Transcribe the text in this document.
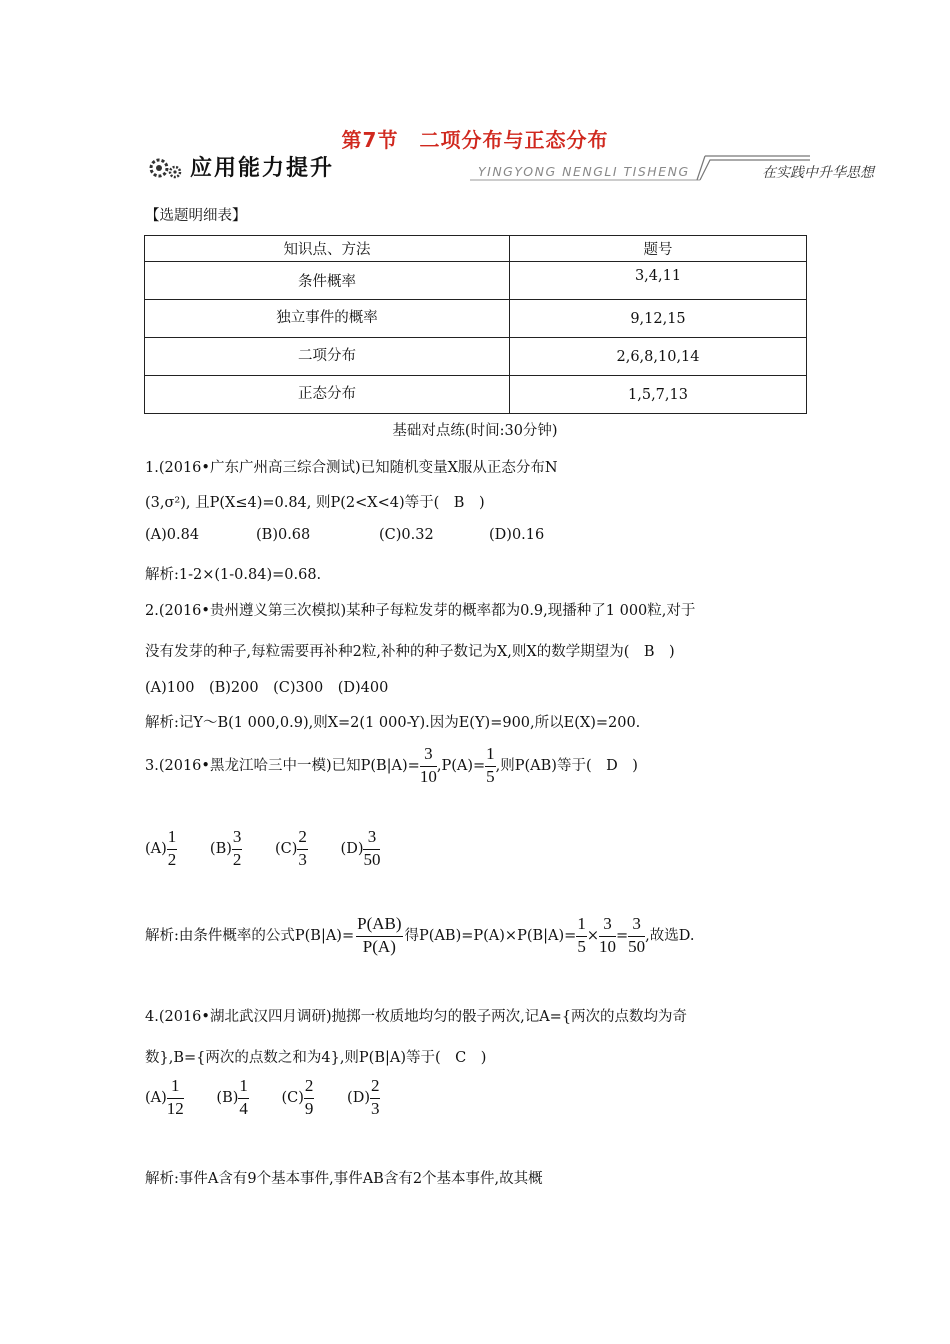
第7节　二项分布与正态分布
应用能力提升	YINGYONG NENGLI TISHENG	在实践中升华思想
【选题明细表】
知识点、方法	题号
条件概率	3,4,11
独立事件的概率	9,12,15
二项分布	2,6,8,10,14
正态分布	1,5,7,13
基础对点练(时间:30分钟)
1.(2016•广东广州高三综合测试)已知随机变量X服从正态分布N
(3,σ²), 且P(X≤4)=0.84, 则P(2<X<4)等于(　B　)
(A)0.84	(B)0.68	(C)0.32	(D)0.16
解析:1-2×(1-0.84)=0.68.
2.(2016•贵州遵义第三次模拟)某种子每粒发芽的概率都为0.9,现播种了1 000粒,对于
没有发芽的种子,每粒需要再补种2粒,补种的种子数记为X,则X的数学期望为(　B　)
(A)100　(B)200　(C)300　(D)400
解析:记Y～B(1 000,0.9),则X=2(1 000-Y).因为E(Y)=900,所以E(X)=200.
3.(2016•黑龙江哈三中一模)已知$P(B|A)= \frac{3}{10} ,P(A)= \frac{1}{5}$ ,则P(AB)等于(　D　)
$(A) \frac{1}{2} (B) \frac{3}{2} (C) \frac{2}{3} (D) \frac{3}{50}$
解析:由条件概率的公式$P(B|A)= \frac{P(AB)}{P(A)}$ 得$P(AB)=P(A)\times P(B|A)= \frac{1}{5} \times \frac{3}{10} = \frac{3}{50}$ ,故选D.
4.(2016•湖北武汉四月调研)抛掷一枚质地均匀的骰子两次,记A={两次的点数均为奇
数},B={两次的点数之和为4},则P(B|A)等于(　C　)
$(A) \frac{1}{12} (B) \frac{1}{4} (C) \frac{2}{9} (D) \frac{2}{3}$
解析:事件A含有9个基本事件,事件AB含有2个基本事件,故其概
